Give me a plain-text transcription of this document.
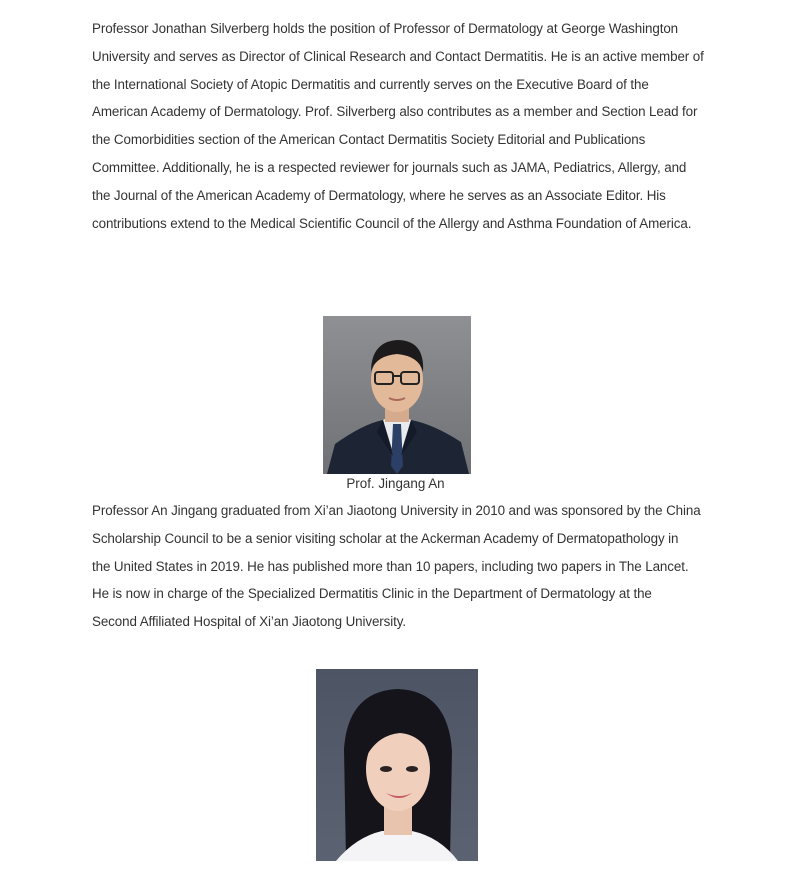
Professor Jonathan Silverberg holds the position of Professor of Dermatology at George Washington
University and serves as Director of Clinical Research and Contact Dermatitis. He is an active member of
the International Society of Atopic Dermatitis and currently serves on the Executive Board of the
American Academy of Dermatology. Prof. Silverberg also contributes as a member and Section Lead for
the Comorbidities section of the American Contact Dermatitis Society Editorial and Publications
Committee. Additionally, he is a respected reviewer for journals such as JAMA, Pediatrics, Allergy, and
the Journal of the American Academy of Dermatology, where he serves as an Associate Editor. His
contributions extend to the Medical Scientific Council of the Allergy and Asthma Foundation of America.

Prof. Jingang An

Professor An Jingang graduated from Xi’an Jiaotong University in 2010 and was sponsored by the China
Scholarship Council to be a senior visiting scholar at the Ackerman Academy of Dermatopathology in
the United States in 2019. He has published more than 10 papers, including two papers in The Lancet.
He is now in charge of the Specialized Dermatitis Clinic in the Department of Dermatology at the
Second Affiliated Hospital of Xi’an Jiaotong University.
